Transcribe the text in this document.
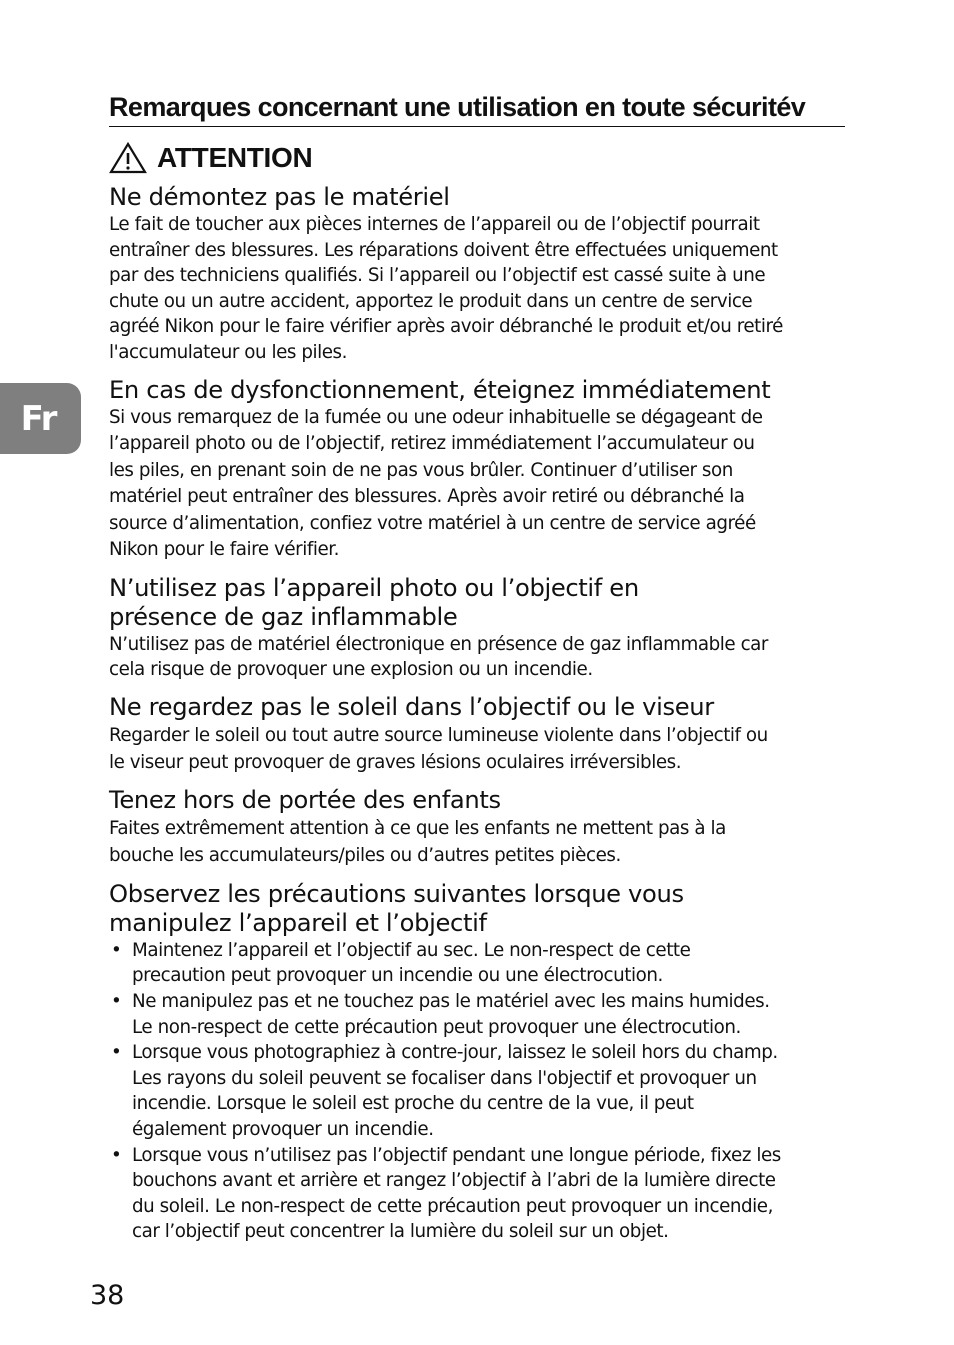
Remarques concernant une utilisation en toute sécuritév
ATTENTION
Fr
Ne démontez pas le matériel

Le fait de toucher aux pièces internes de l’appareil ou de l’objectif pourrait
entraîner des blessures. Les réparations doivent être effectuées uniquement
par des techniciens qualifiés. Si l’appareil ou l’objectif est cassé suite à une
chute ou un autre accident, apportez le produit dans un centre de service
agréé Nikon pour le faire vérifier après avoir débranché le produit et/ou retiré
l'accumulateur ou les piles.

En cas de dysfonctionnement, éteignez immédiatement

Si vous remarquez de la fumée ou une odeur inhabituelle se dégageant de
l’appareil photo ou de l’objectif, retirez immédiatement l’accumulateur ou
les piles, en prenant soin de ne pas vous brûler. Continuer d’utiliser son
matériel peut entraîner des blessures. Après avoir retiré ou débranché la
source d’alimentation, confiez votre matériel à un centre de service agréé
Nikon pour le faire vérifier.

N’utilisez pas l’appareil photo ou l’objectif en
présence de gaz inflammable

N’utilisez pas de matériel électronique en présence de gaz inflammable car
cela risque de provoquer une explosion ou un incendie.

Ne regardez pas le soleil dans l’objectif ou le viseur

Regarder le soleil ou tout autre source lumineuse violente dans l’objectif ou
le viseur peut provoquer de graves lésions oculaires irréversibles.

Tenez hors de portée des enfants

Faites extrêmement attention à ce que les enfants ne mettent pas à la
bouche les accumulateurs/piles ou d’autres petites pièces.

Observez les précautions suivantes lorsque vous
manipulez l’appareil et l’objectif
• Maintenez l’appareil et l’objectif au sec. Le non-respect de cette
precaution peut provoquer un incendie ou une électrocution.
• Ne manipulez pas et ne touchez pas le matériel avec les mains humides.
Le non-respect de cette précaution peut provoquer une électrocution.
• Lorsque vous photographiez à contre-jour, laissez le soleil hors du champ.
Les rayons du soleil peuvent se focaliser dans l'objectif et provoquer un
incendie. Lorsque le soleil est proche du centre de la vue, il peut
également provoquer un incendie.
• Lorsque vous n’utilisez pas l’objectif pendant une longue période, fixez les
bouchons avant et arrière et rangez l’objectif à l’abri de la lumière directe
du soleil. Le non-respect de cette précaution peut provoquer un incendie,
car l’objectif peut concentrer la lumière du soleil sur un objet.
38
